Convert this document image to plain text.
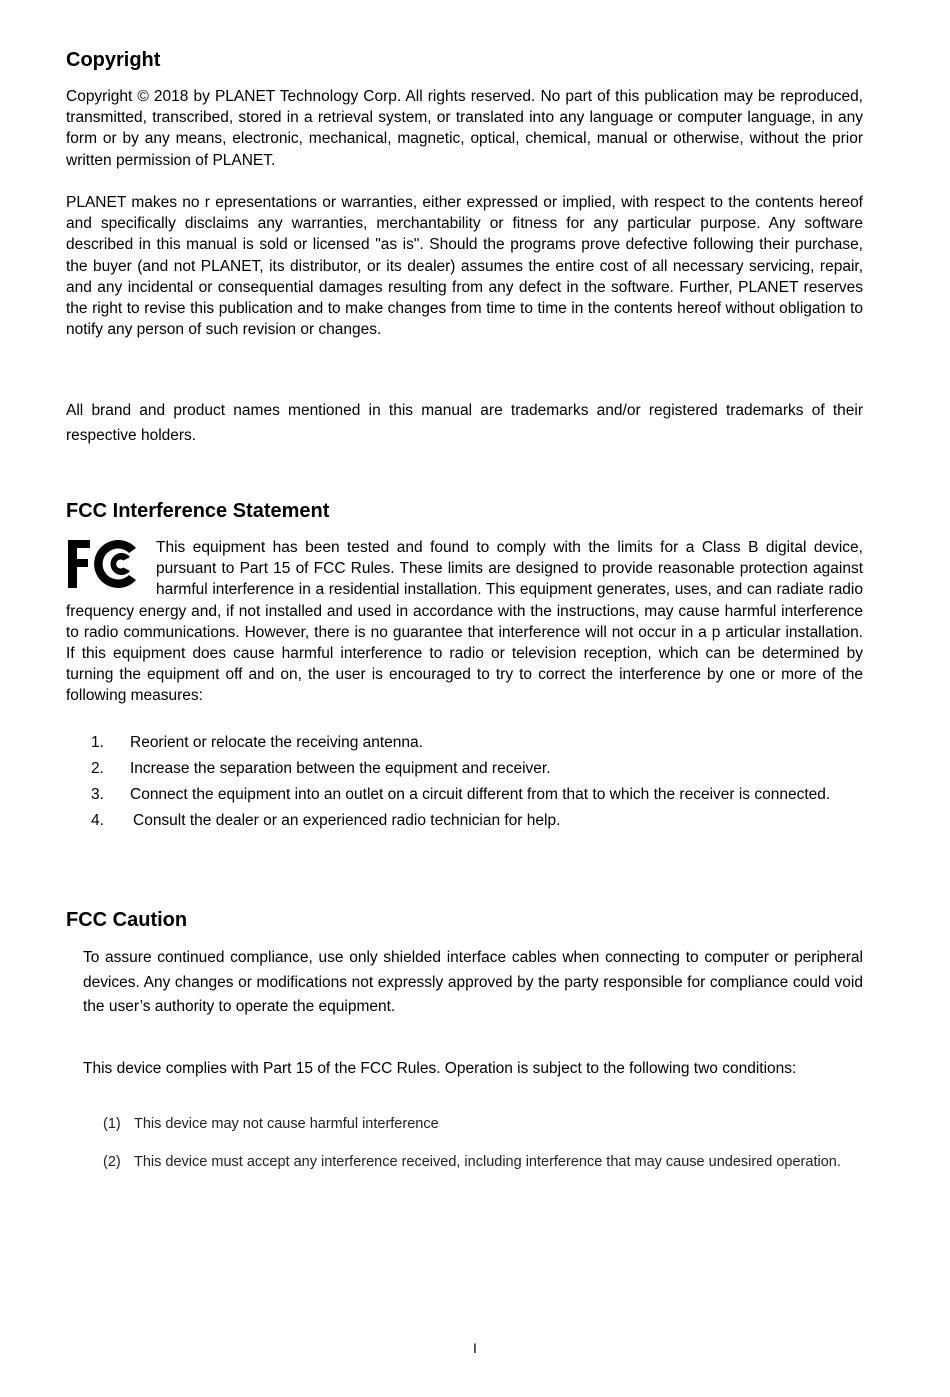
Copyright

Copyright © 2018 by PLANET Technology Corp. All rights reserved. No part of this publication may be reproduced, transmitted, transcribed, stored in a retrieval system, or translated into any language or computer language, in any form or by any means, electronic, mechanical, magnetic, optical, chemical, manual or otherwise, without the prior written permission of PLANET.

PLANET makes no r epresentations or warranties, either expressed or implied, with respect to the contents hereof and specifically disclaims any warranties, merchantability or fitness for any particular purpose. Any software described in this manual is sold or licensed "as is". Should the programs prove defective following their purchase, the buyer (and not PLANET, its distributor, or its dealer) assumes the entire cost of all necessary servicing, repair, and any incidental or consequential damages resulting from any defect in the software. Further, PLANET reserves the right to revise this publication and to make changes from time to time in the contents hereof without obligation to notify any person of such revision or changes.

All brand and product names mentioned in this manual are trademarks and/or registered trademarks of their respective holders.

FCC Interference Statement

This equipment has been tested and found to comply with the limits for a Class B digital device, pursuant to Part 15 of FCC Rules. These limits are designed to provide reasonable protection against harmful interference in a residential installation. This equipment generates, uses, and can radiate radio frequency energy and, if not installed and used in accordance with the instructions, may cause harmful interference to radio communications. However, there is no guarantee that interference will not occur in a p articular installation. If this equipment does cause harmful interference to radio or television reception, which can be determined by turning the equipment off and on, the user is encouraged to try to correct the interference by one or more of the following measures:

1. Reorient or relocate the receiving antenna.
2. Increase the separation between the equipment and receiver.
3. Connect the equipment into an outlet on a circuit different from that to which the receiver is connected.
4. Consult the dealer or an experienced radio technician for help.
FCC Caution

To assure continued compliance, use only shielded interface cables when connecting to computer or peripheral devices. Any changes or modifications not expressly approved by the party responsible for compliance could void the user’s authority to operate the equipment.

This device complies with Part 15 of the FCC Rules. Operation is subject to the following two conditions:

(1) This device may not cause harmful interference
(2) This device must accept any interference received, including interference that may cause undesired operation.
I
